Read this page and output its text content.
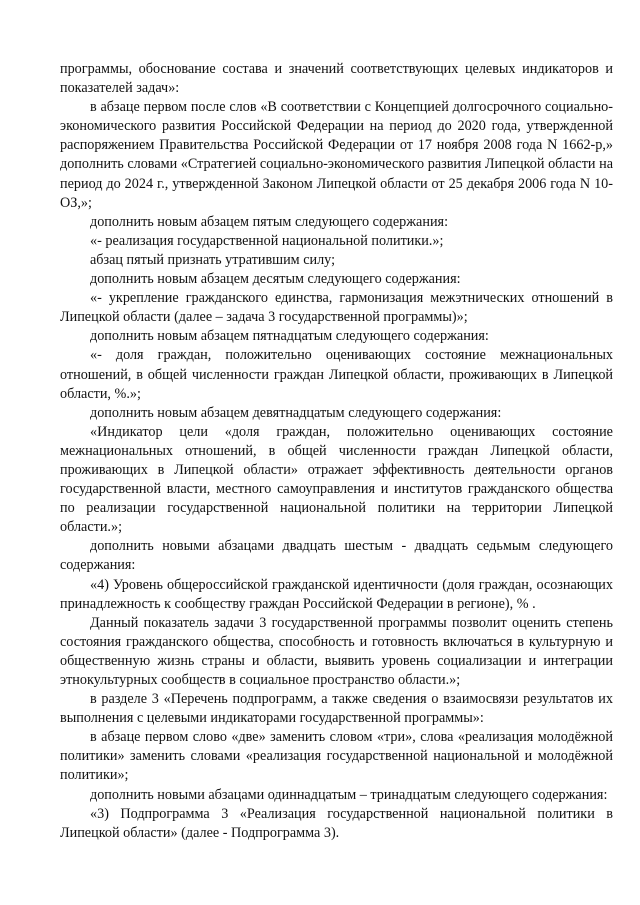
программы, обоснование состава и значений соответствующих целевых индикаторов и показателей задач»:

в абзаце первом после слов «В соответствии с Концепцией долгосрочного социально-экономического развития Российской Федерации на период до 2020 года, утвержденной распоряжением Правительства Российской Федерации от 17 ноября 2008 года N 1662-р,» дополнить словами «Стратегией социально-экономического развития Липецкой области на период до 2024 г., утвержденной Законом Липецкой области от 25 декабря 2006 года N 10-ОЗ,»;

дополнить новым абзацем пятым следующего содержания:

«- реализация государственной национальной политики.»;

абзац пятый признать утратившим силу;

дополнить новым абзацем десятым следующего содержания:

«- укрепление гражданского единства, гармонизация межэтнических отношений в Липецкой области (далее – задача 3 государственной программы)»;

дополнить новым абзацем пятнадцатым следующего содержания:

«- доля граждан, положительно оценивающих состояние межнациональных отношений, в общей численности граждан Липецкой области, проживающих в Липецкой области, %.»;

дополнить новым абзацем девятнадцатым следующего содержания:

«Индикатор цели «доля граждан, положительно оценивающих состояние межнациональных отношений, в общей численности граждан Липецкой области, проживающих в Липецкой области» отражает эффективность деятельности органов государственной власти, местного самоуправления и институтов гражданского общества по реализации государственной национальной политики на территории Липецкой области.»;

дополнить новыми абзацами двадцать шестым - двадцать седьмым следующего содержания:

«4) Уровень общероссийской гражданской идентичности (доля граждан, осознающих принадлежность к сообществу граждан Российской Федерации в регионе), % .

Данный показатель задачи 3 государственной программы позволит оценить степень состояния гражданского общества, способность и готовность включаться в культурную и общественную жизнь страны и области, выявить уровень социализации и интеграции этнокультурных сообществ в социальное пространство области.»;

в разделе 3 «Перечень подпрограмм, а также сведения о взаимосвязи результатов их выполнения с целевыми индикаторами государственной программы»:

в абзаце первом слово «две» заменить словом «три», слова «реализация молодёжной политики» заменить словами «реализация государственной национальной и молодёжной политики»;

дополнить новыми абзацами одиннадцатым – тринадцатым следующего содержания:

«3) Подпрограмма 3 «Реализация государственной национальной политики в Липецкой области» (далее - Подпрограмма 3).
